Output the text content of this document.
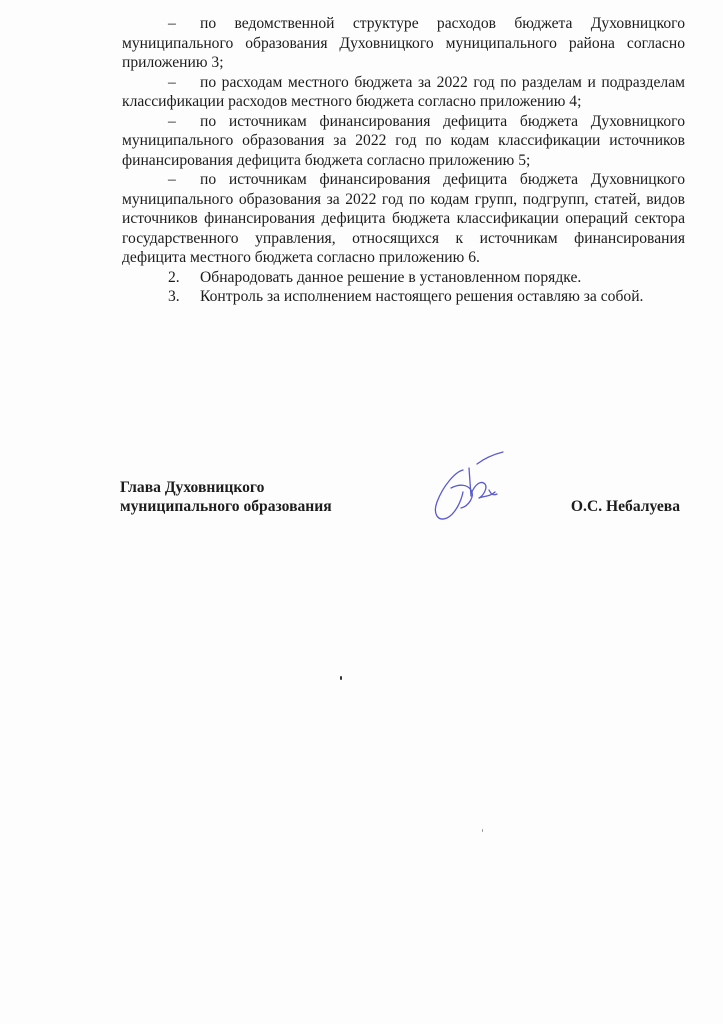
– по ведомственной структуре расходов бюджета Духовницкого муниципального образования Духовницкого муниципального района согласно приложению 3;

– по расходам местного бюджета за 2022 год по разделам и подразделам классификации расходов местного бюджета согласно приложению 4;

– по источникам финансирования дефицита бюджета Духовницкого муниципального образования за 2022 год по кодам классификации источников финансирования дефицита бюджета согласно приложению 5;

– по источникам финансирования дефицита бюджета Духовницкого муниципального образования за 2022 год по кодам групп, подгрупп, статей, видов источников финансирования дефицита бюджета классификации операций сектора государственного управления, относящихся к источникам финансирования дефицита местного бюджета согласно приложению 6.

2. Обнародовать данное решение в установленном порядке.

3. Контроль за исполнением настоящего решения оставляю за собой.

Глава Духовницкого
муниципального образования	О.С. Небалуева
